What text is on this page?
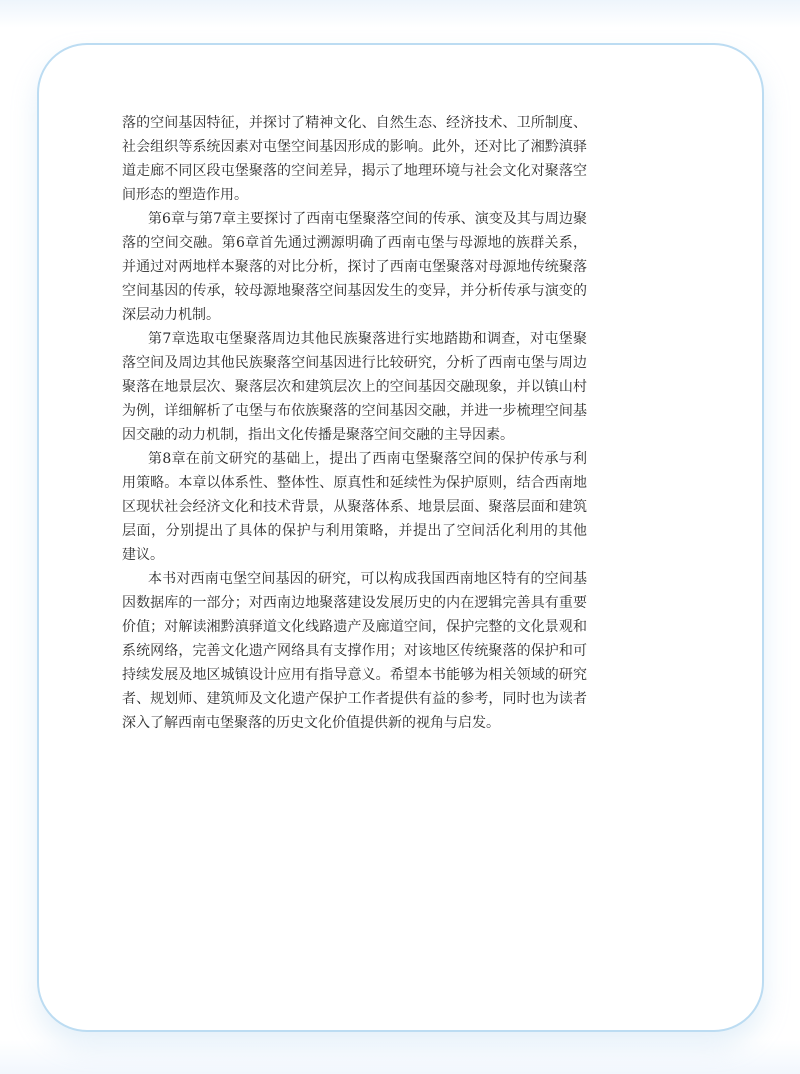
落的空间基因特征，并探讨了精神文化、自然生态、经济技术、卫所制度、
社会组织等系统因素对屯堡空间基因形成的影响。此外，还对比了湘黔滇驿
道走廊不同区段屯堡聚落的空间差异，揭示了地理环境与社会文化对聚落空
间形态的塑造作用。
第6章与第7章主要探讨了西南屯堡聚落空间的传承、演变及其与周边聚
落的空间交融。第6章首先通过溯源明确了西南屯堡与母源地的族群关系，
并通过对两地样本聚落的对比分析，探讨了西南屯堡聚落对母源地传统聚落
空间基因的传承，较母源地聚落空间基因发生的变异，并分析传承与演变的
深层动力机制。
第7章选取屯堡聚落周边其他民族聚落进行实地踏勘和调查，对屯堡聚
落空间及周边其他民族聚落空间基因进行比较研究，分析了西南屯堡与周边
聚落在地景层次、聚落层次和建筑层次上的空间基因交融现象，并以镇山村
为例，详细解析了屯堡与布依族聚落的空间基因交融，并进一步梳理空间基
因交融的动力机制，指出文化传播是聚落空间交融的主导因素。
第8章在前文研究的基础上，提出了西南屯堡聚落空间的保护传承与利
用策略。本章以体系性、整体性、原真性和延续性为保护原则，结合西南地
区现状社会经济文化和技术背景，从聚落体系、地景层面、聚落层面和建筑
层面，分别提出了具体的保护与利用策略，并提出了空间活化利用的其他
建议。
本书对西南屯堡空间基因的研究，可以构成我国西南地区特有的空间基
因数据库的一部分；对西南边地聚落建设发展历史的内在逻辑完善具有重要
价值；对解读湘黔滇驿道文化线路遗产及廊道空间，保护完整的文化景观和
系统网络，完善文化遗产网络具有支撑作用；对该地区传统聚落的保护和可
持续发展及地区城镇设计应用有指导意义。希望本书能够为相关领域的研究
者、规划师、建筑师及文化遗产保护工作者提供有益的参考，同时也为读者
深入了解西南屯堡聚落的历史文化价值提供新的视角与启发。
